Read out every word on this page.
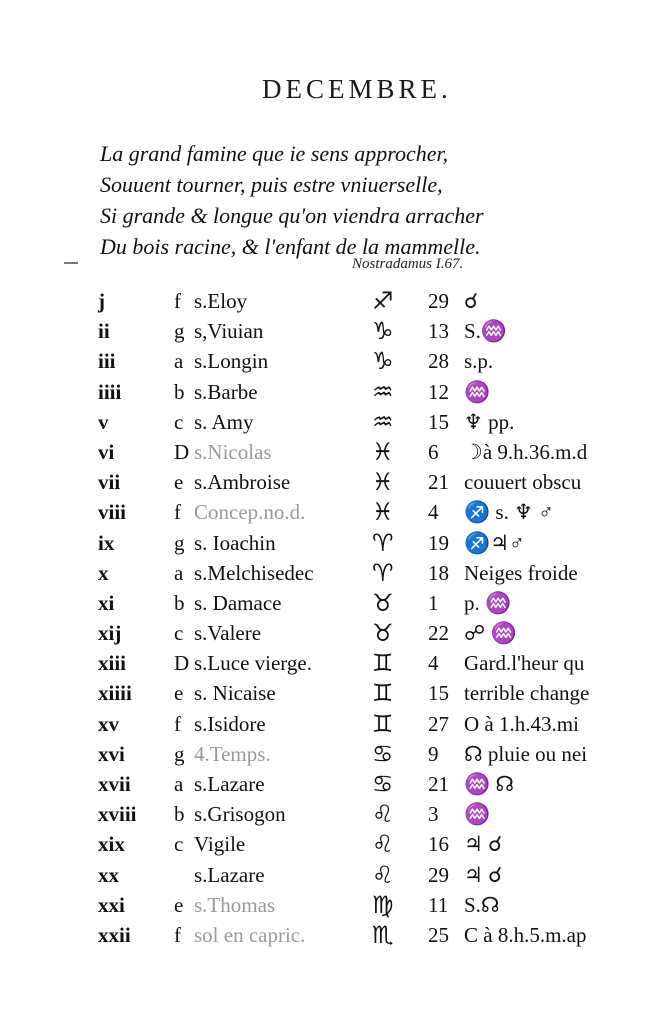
DECEMBRE.
La grand famine que ie sens approcher,
Souuent tourner, puis estre vniuerselle,
Si grande & longue qu'on viendra arracher
Du bois racine, & l'enfant de la mammelle.
Nostradamus I.67.
j	f s.Eloy	♐ 29 ☌
ii	g s,Viuian	♑ 13 S.♒
iii	a s.Longin	♑ 28 s.p.
iiii	b s.Barbe	♒ 12 ♒
v	c s. Amy	♒ 15 ♆ pp.
vi	D s.Nicolas	♓ 6 ☽à 9.h.36.m.d
vii	e s.Ambroise	♓ 21 couuert obscu
viii f Concep.no.d.	♓ 4 ♐ s. ♆ ♂
ix	g s. Ioachin	♈ 19 ♐♃♂
x	a s.Melchisedec ♈ 18 Neiges froide
xi	b s. Damace	♉ 1 p. ♒
xij	c s.Valere	♉ 22 ☍ ♒
xiii D s.Luce vierge.	♊ 4 Gard.l'heur qu
xiiii e s. Nicaise	♊ 15 terrible change
xv	f s.Isidore	♊ 27 O à 1.h.43.mi
xvi g 4.Temps.	♋ 9 ☊ pluie ou nei
xvii a s.Lazare	♋ 21 ♒ ☊
xviii b s.Grisogon	♌ 3 ♒
xix c Vigile	♌ 16 ♃ ☌
xx	s.Lazare	♌ 29 ♃ ☌
xxi e s.Thomas	♍ 11 S.☊
xxii f sol en capric.	♏ 25 C à 8.h.5.m.ap
